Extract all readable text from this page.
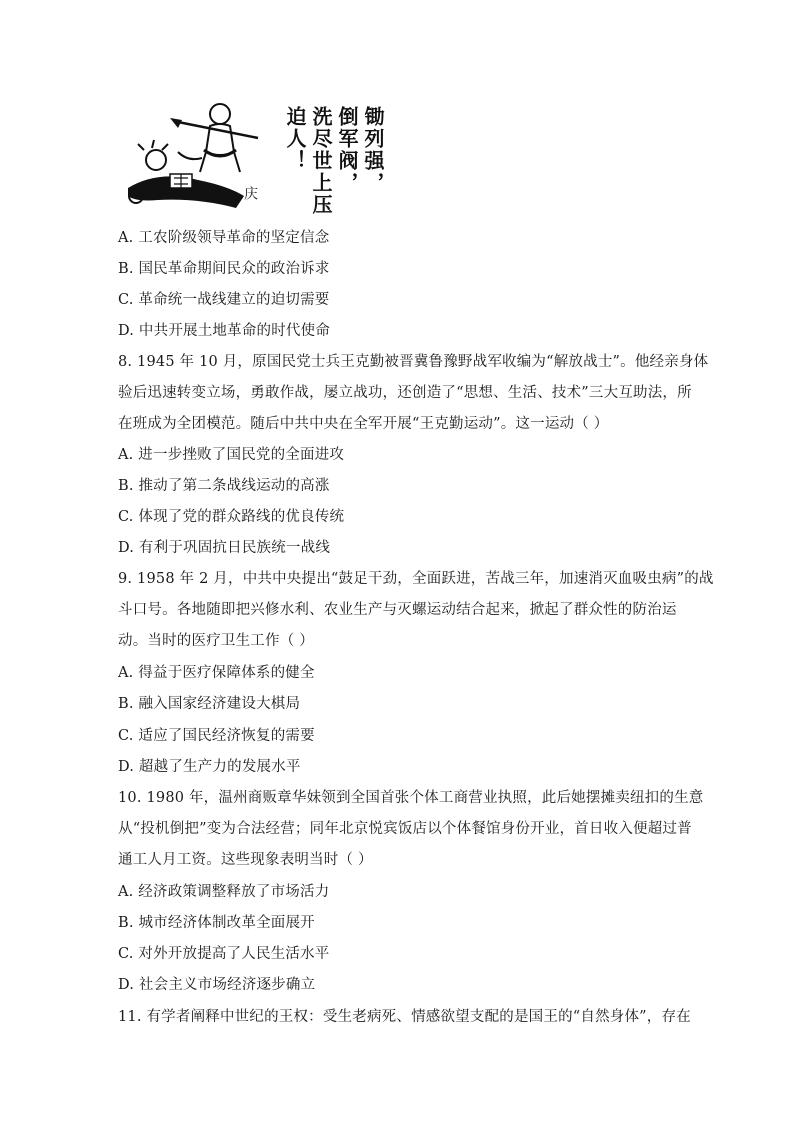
庆	锄列强，
倒军阀，
洗尽世上压
迫人！
A. 工农阶级领导革命的坚定信念
B. 国民革命期间民众的政治诉求
C. 革命统一战线建立的迫切需要
D. 中共开展土地革命的时代使命
8. 1945 年 10 月，原国民党士兵王克勤被晋冀鲁豫野战军收编为“解放战士”。他经亲身体
验后迅速转变立场，勇敢作战，屡立战功，还创造了“思想、生活、技术”三大互助法，所
在班成为全团模范。随后中共中央在全军开展“王克勤运动”。这一运动（ ）
A. 进一步挫败了国民党的全面进攻
B. 推动了第二条战线运动的高涨
C. 体现了党的群众路线的优良传统
D. 有利于巩固抗日民族统一战线
9. 1958 年 2 月，中共中央提出“鼓足干劲，全面跃进，苦战三年，加速消灭血吸虫病”的战
斗口号。各地随即把兴修水利、农业生产与灭螺运动结合起来，掀起了群众性的防治运
动。当时的医疗卫生工作（ ）
A. 得益于医疗保障体系的健全
B. 融入国家经济建设大棋局
C. 适应了国民经济恢复的需要
D. 超越了生产力的发展水平
10. 1980 年，温州商贩章华妹领到全国首张个体工商营业执照，此后她摆摊卖纽扣的生意
从“投机倒把”变为合法经营；同年北京悦宾饭店以个体餐馆身份开业，首日收入便超过普
通工人月工资。这些现象表明当时（ ）
A. 经济政策调整释放了市场活力
B. 城市经济体制改革全面展开
C. 对外开放提高了人民生活水平
D. 社会主义市场经济逐步确立
11. 有学者阐释中世纪的王权：受生老病死、情感欲望支配的是国王的“自然身体”，存在
